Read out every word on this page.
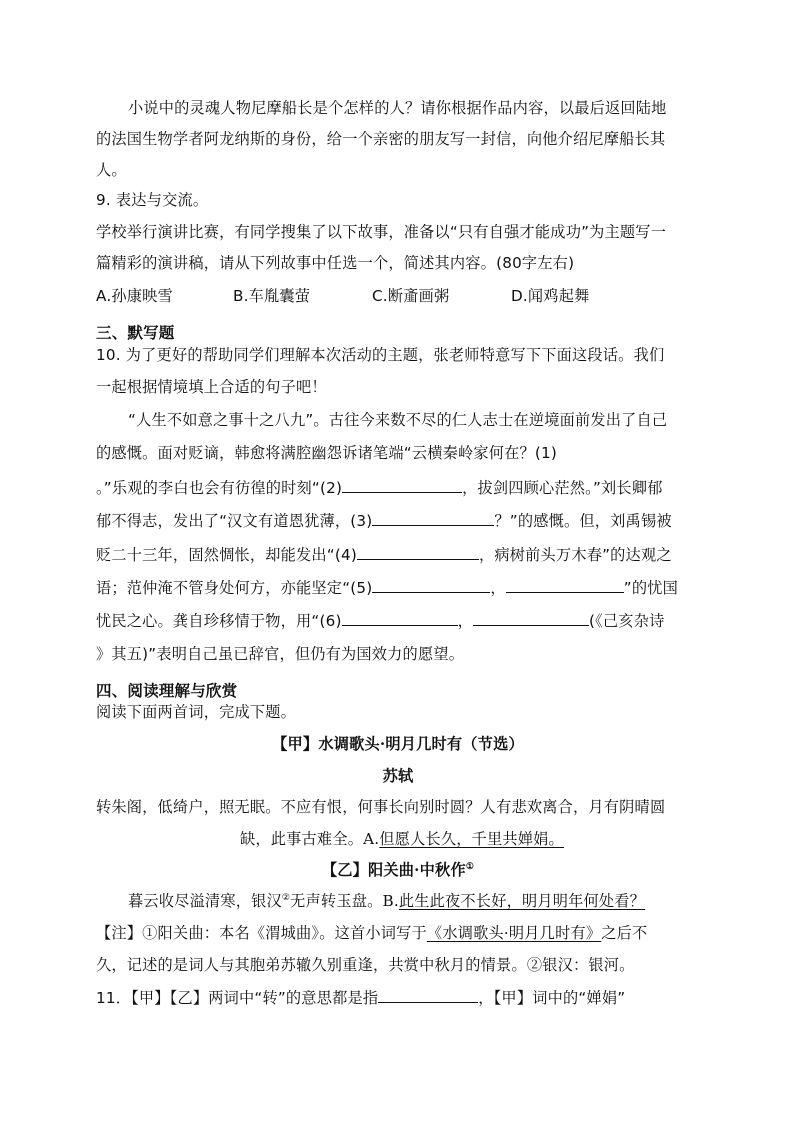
小说中的灵魂人物尼摩船长是个怎样的人？请你根据作品内容，以最后返回陆地
的法国生物学者阿龙纳斯的身份，给一个亲密的朋友写一封信，向他介绍尼摩船长其
人。
9. 表达与交流。
学校举行演讲比赛，有同学搜集了以下故事，准备以“只有自强才能成功”为主题写一
篇精彩的演讲稿，请从下列故事中任选一个，简述其内容。(80字左右)
A.孙康映雪	B.车胤囊萤	C.断齑画粥	D.闻鸡起舞
三、默写题
10. 为了更好的帮助同学们理解本次活动的主题，张老师特意写下下面这段话。我们
一起根据情境填上合适的句子吧！
“人生不如意之事十之八九”。古往今来数不尽的仁人志士在逆境面前发出了自己
的感慨。面对贬谪，韩愈将满腔幽怨诉诸笔端“云横秦岭家何在？(1)
。”乐观的李白也会有彷徨的时刻“(2)	，拔剑四顾心茫然。”刘长卿郁
郁不得志，发出了“汉文有道恩犹薄，(3)	？”的感慨。但，刘禹锡被
贬二十三年，固然惆怅，却能发出“(4)	，病树前头万木春”的达观之
语；范仲淹不管身处何方，亦能坚定“(5)	，	”的忧国
忧民之心。龚自珍移情于物，用“(6)	，	(《己亥杂诗
》其五)”表明自己虽已辞官，但仍有为国效力的愿望。
四、阅读理解与欣赏
阅读下面两首词，完成下题。
【甲】水调歌头·明月几时有（节选）
苏轼
转朱阁，低绮户，照无眠。不应有恨，何事长向别时圆？人有悲欢离合，月有阴晴圆
缺，此事古难全。A.但愿人长久，千里共婵娟。
【乙】阳关曲·中秋作①
暮云收尽溢清寒，银汉②无声转玉盘。B.此生此夜不长好，明月明年何处看？
【注】①阳关曲：本名《渭城曲》。这首小词写于《水调歌头·明月几时有》之后不
久，记述的是词人与其胞弟苏辙久别重逢，共赏中秋月的情景。②银汉：银河。
11．【甲】【乙】两词中“转”的意思都是指	，【甲】词中的“婵娟”
